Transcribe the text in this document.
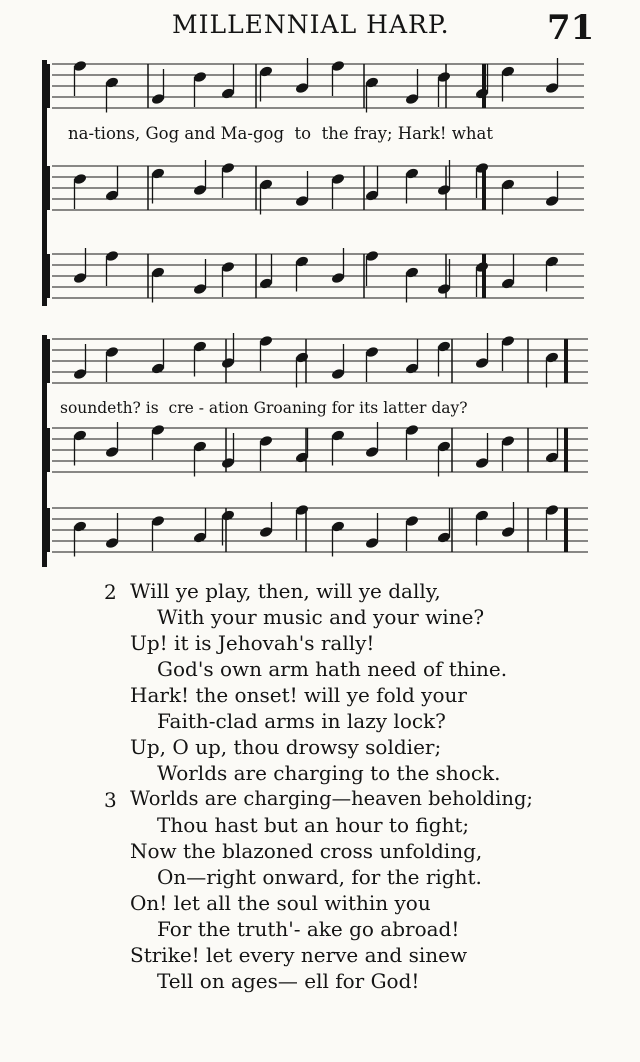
MILLENNIAL HARP.	71
na-tions, Gog and Ma-gog  to  the fray; Hark! what
soundeth? is  cre - ation Groaning for its latter day?
2 Will ye play, then, will ye dally,
With your music and your wine?
Up! it is Jehovah's rally!
God's own arm hath need of thine.
Hark! the onset! will ye fold your
Faith-clad arms in lazy lock?
Up, O up, thou drowsy soldier;
Worlds are charging to the shock.
3 Worlds are charging—heaven beholding;
Thou hast but an hour to fight;
Now the blazoned cross unfolding,
On—right onward, for the right.
On! let all the soul within you
For the truth'- ake go abroad!
Strike! let every nerve and sinew
Tell on ages— ell for God!
